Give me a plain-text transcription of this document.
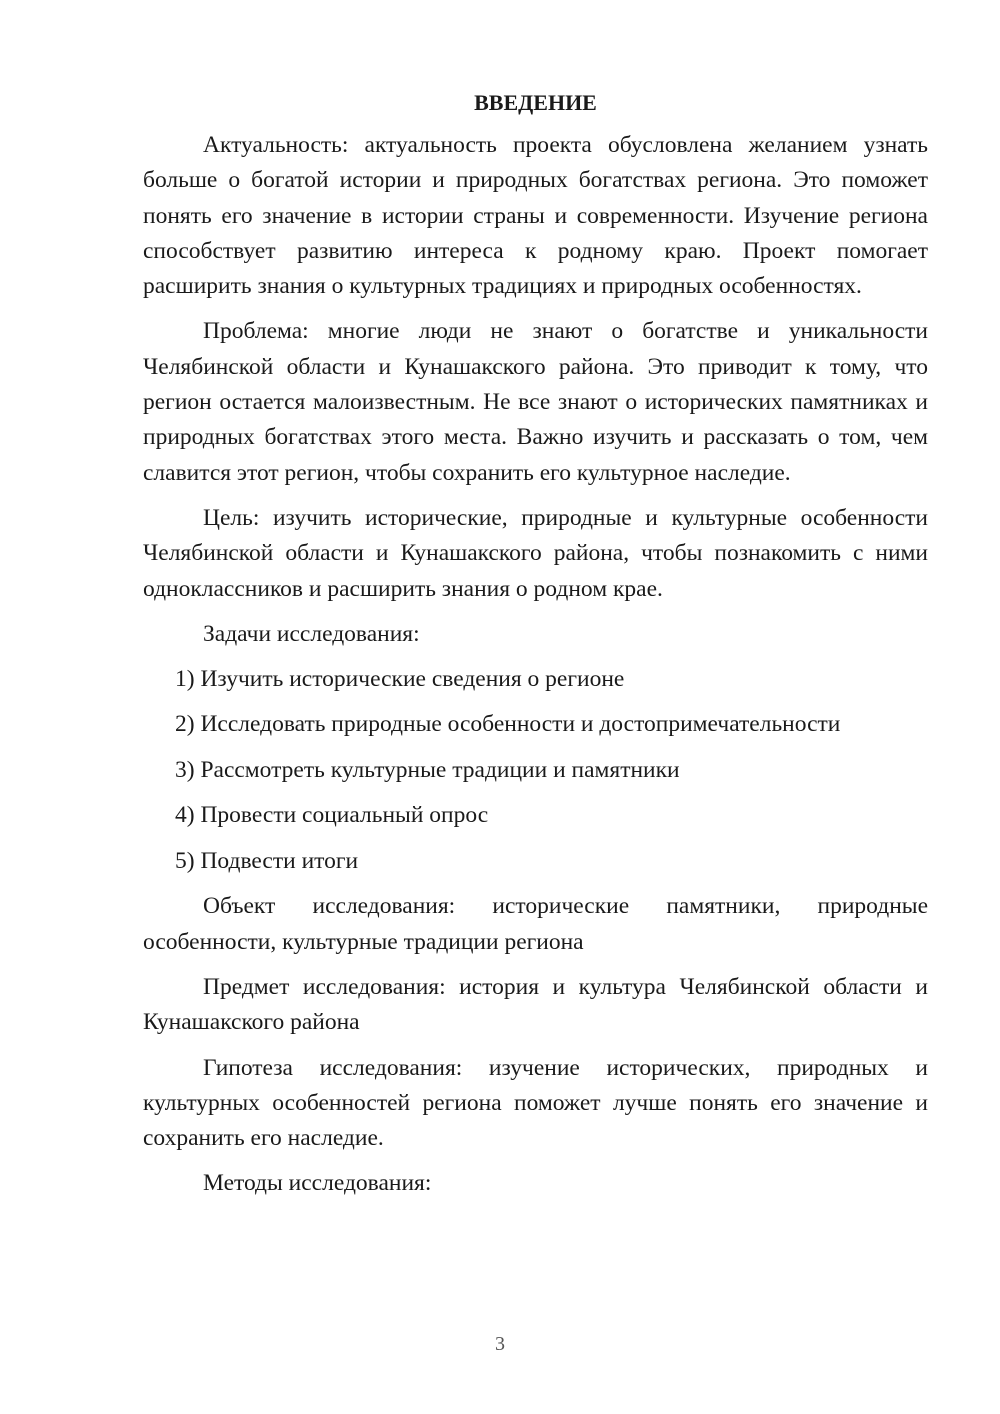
ВВЕДЕНИЕ

Актуальность: актуальность проекта обусловлена желанием узнать больше о богатой истории и природных богатствах региона. Это поможет понять его значение в истории страны и современности. Изучение региона способствует развитию интереса к родному краю. Проект помогает расширить знания о культурных традициях и природных особенностях.

Проблема: многие люди не знают о богатстве и уникальности Челябинской области и Кунашакского района. Это приводит к тому, что регион остается малоизвестным. Не все знают о исторических памятниках и природных богатствах этого места. Важно изучить и рассказать о том, чем славится этот регион, чтобы сохранить его культурное наследие.

Цель: изучить исторические, природные и культурные особенности Челябинской области и Кунашакского района, чтобы познакомить с ними одноклассников и расширить знания о родном крае.

Задачи исследования:

1) Изучить исторические сведения о регионе
2) Исследовать природные особенности и достопримечательности
3) Рассмотреть культурные традиции и памятники
4) Провести социальный опрос
5) Подвести итоги

Объект исследования: исторические памятники, природные особенности, культурные традиции региона

Предмет исследования: история и культура Челябинской области и Кунашакского района

Гипотеза исследования: изучение исторических, природных и культурных особенностей региона поможет лучше понять его значение и сохранить его наследие.

Методы исследования:

3
